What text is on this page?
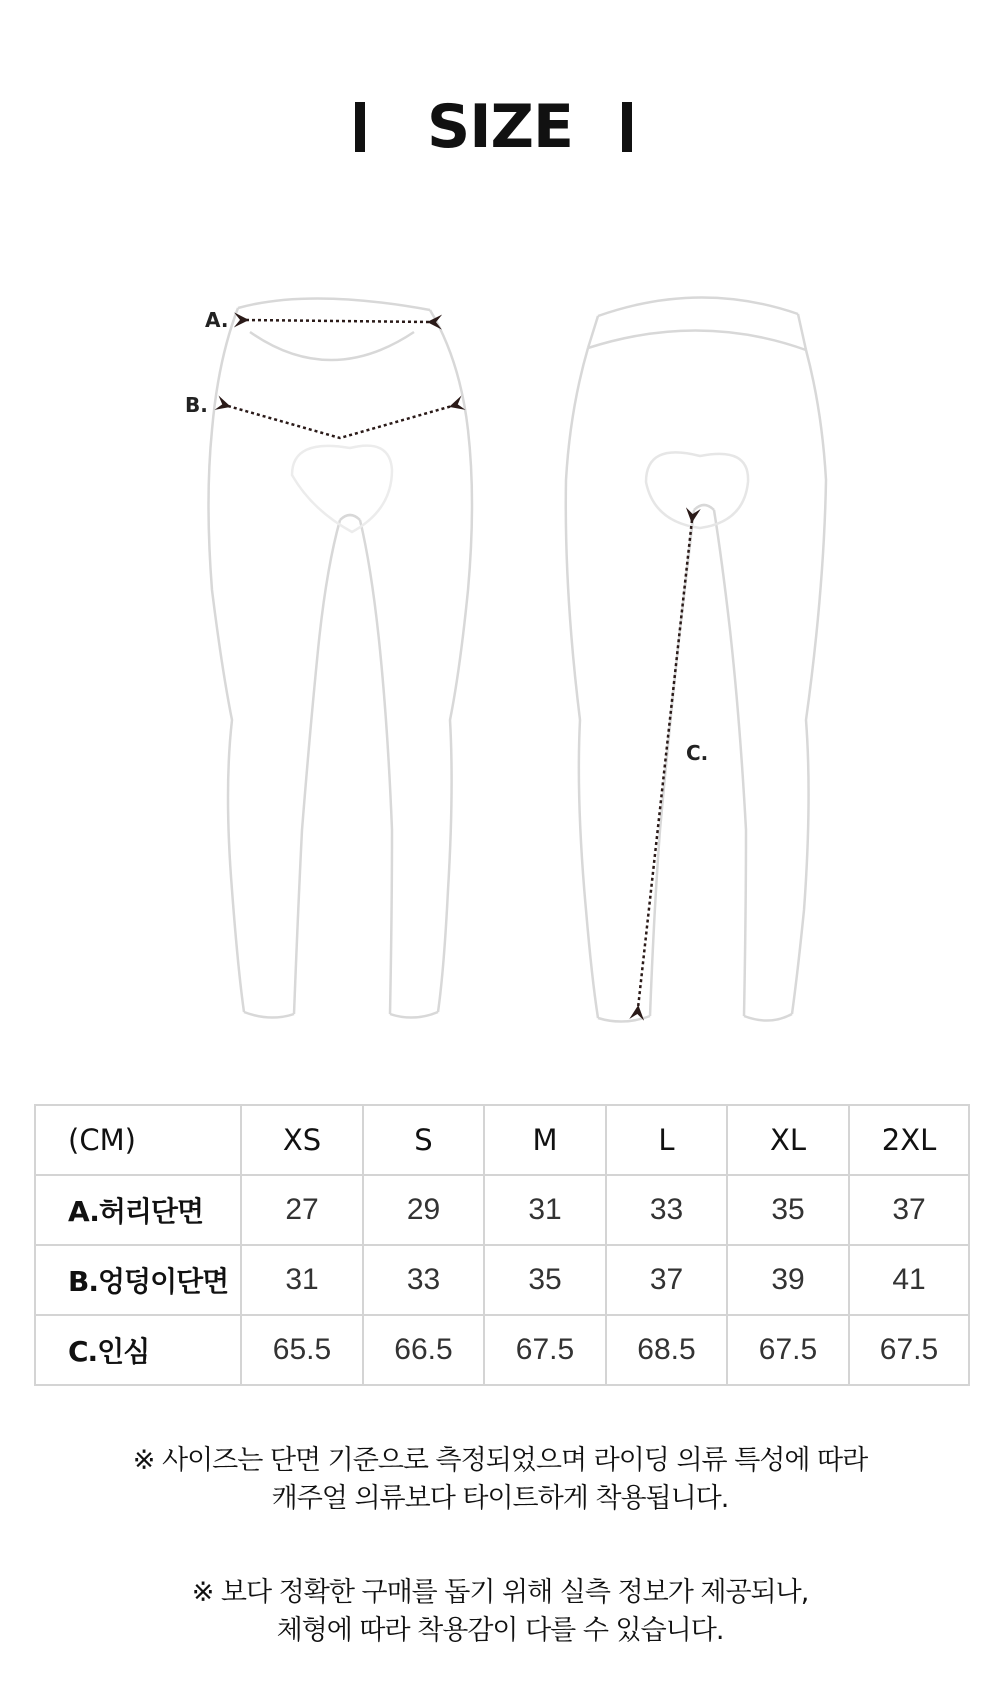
SIZE
A.
B.
C.
(CM)	XS	S	M	L	XL	2XL
A.허리단면	27	29	31	33	35	37
B.엉덩이단면	31	33	35	37	39	41
C.인심	65.5	66.5	67.5	68.5	67.5	67.5
※ 사이즈는 단면 기준으로 측정되었으며 라이딩 의류 특성에 따라
캐주얼 의류보다 타이트하게 착용됩니다.
※ 보다 정확한 구매를 돕기 위해 실측 정보가 제공되나,
체형에 따라 착용감이 다를 수 있습니다.
